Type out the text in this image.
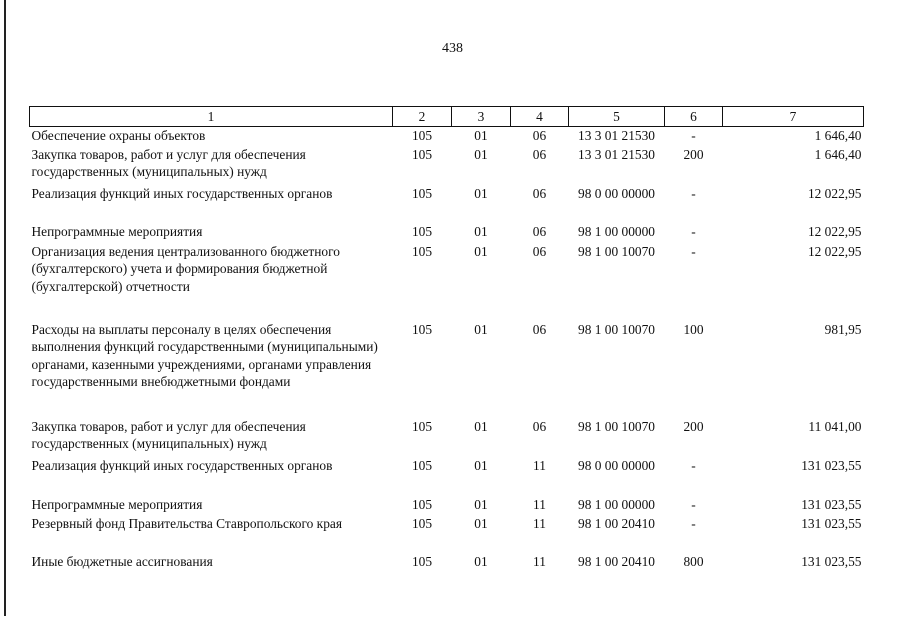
438
1	2	3	4	5	6	7
Обеспечение охраны объектов	105	01	06	13 3 01 21530	-	1 646,40
Закупка товаров, работ и услуг для обеспечения государственных (муниципальных) нужд	105	01	06	13 3 01 21530	200	1 646,40
Реализация функций иных государственных органов	105	01	06	98 0 00 00000	-	12 022,95
Непрограммные мероприятия	105	01	06	98 1 00 00000	-	12 022,95
Организация ведения централизованного бюджетного (бухгалтерского) учета и формирования бюджетной (бухгалтерской) отчетности	105	01	06	98 1 00 10070	-	12 022,95
Расходы на выплаты персоналу в целях обеспечения выполнения функций государственными (муниципальными) органами, казенными учреждениями, органами управления государственными внебюджетными фондами	105	01	06	98 1 00 10070	100	981,95
Закупка товаров, работ и услуг для обеспечения государственных (муниципальных) нужд	105	01	06	98 1 00 10070	200	11 041,00
Реализация функций иных государственных органов	105	01	11	98 0 00 00000	-	131 023,55
Непрограммные мероприятия	105	01	11	98 1 00 00000	-	131 023,55
Резервный фонд Правительства Ставропольского края	105	01	11	98 1 00 20410	-	131 023,55
Иные бюджетные ассигнования	105	01	11	98 1 00 20410	800	131 023,55
